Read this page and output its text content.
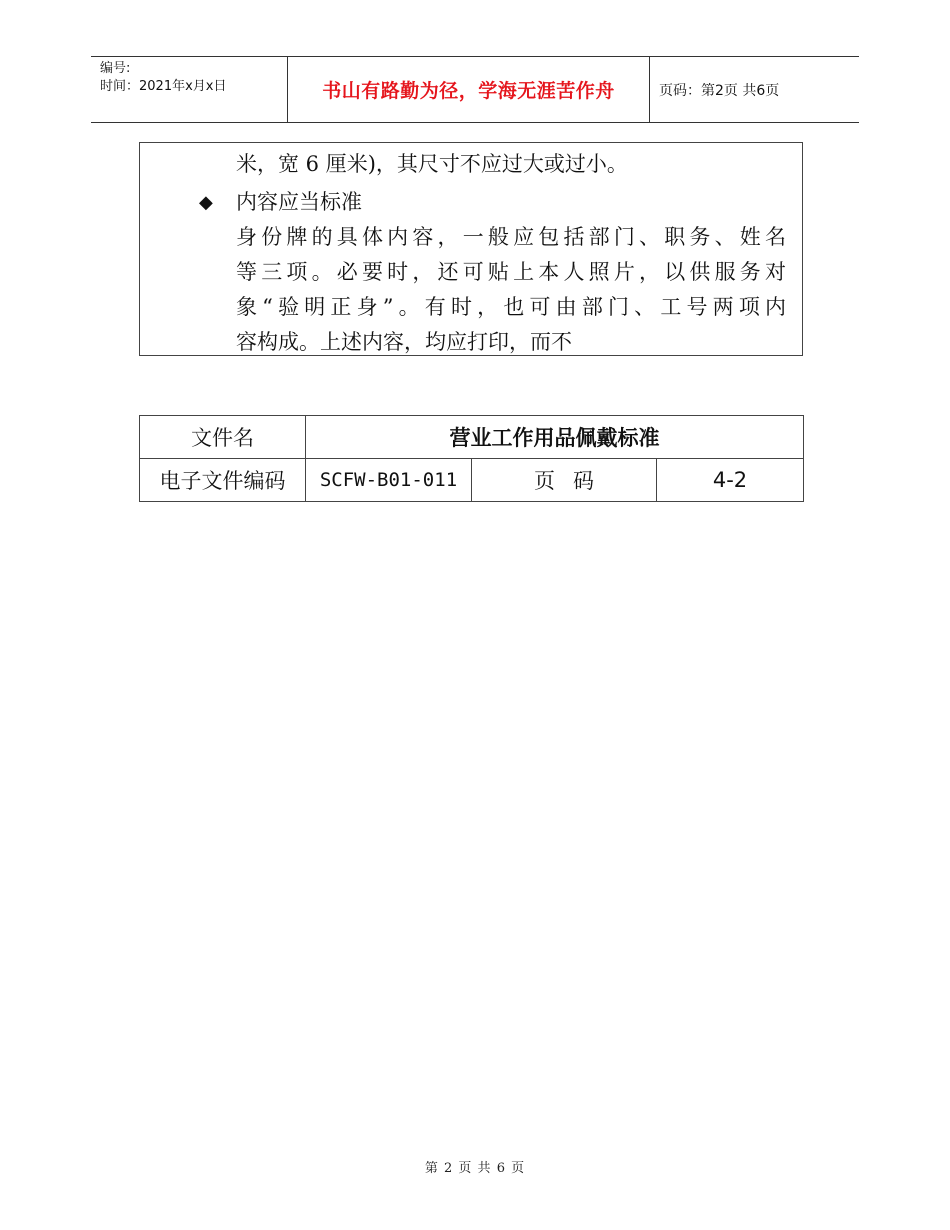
编号:
时间：2021年x月x日	书山有路勤为径，学海无涯苦作舟	页码：第2页 共6页
米，宽 6 厘米)，其尺寸不应过大或过小。
◆ 内容应当标准
身份牌的具体内容，一般应包括部门、职务、姓名
等三项。必要时，还可贴上本人照片，以供服务对
象“验明正身”。有时，也可由部门、工号两项内
容构成。上述内容，均应打印，而不
文件名	营业工作用品佩戴标准		
电子文件编码	SCFW-B01-011	页码	4-2
第 2 页 共 6 页
